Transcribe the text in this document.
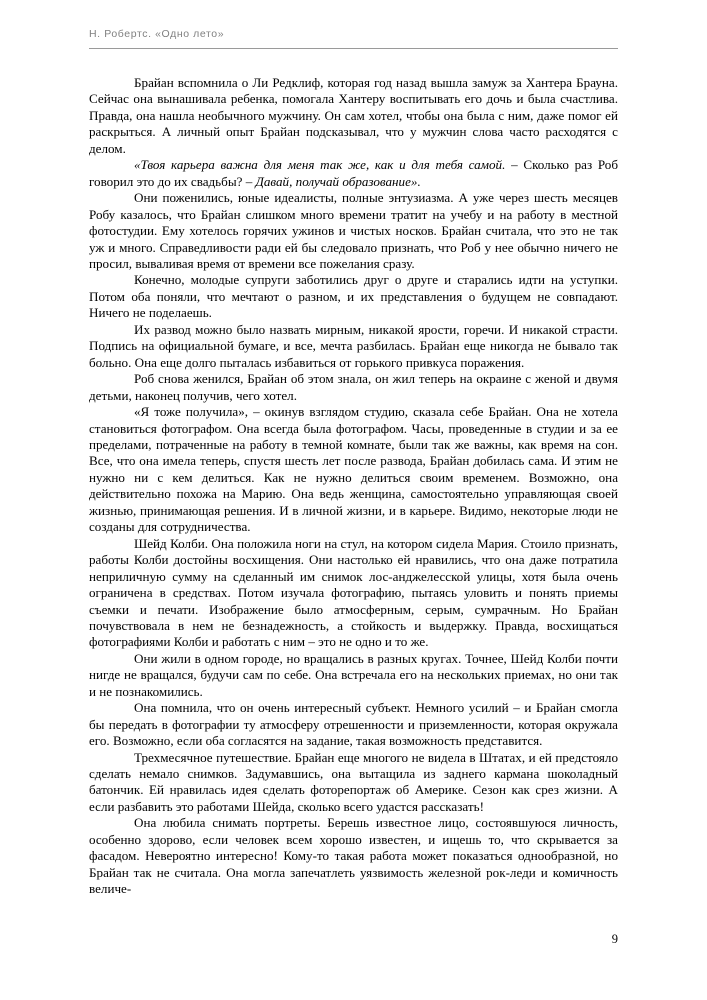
Н. Робертс. «Одно лето»

Брайан вспомнила о Ли Редклиф, которая год назад вышла замуж за Хантера Брауна. Сейчас она вынашивала ребенка, помогала Хантеру воспитывать его дочь и была счастлива. Правда, она нашла необычного мужчину. Он сам хотел, чтобы она была с ним, даже помог ей раскрыться. А личный опыт Брайан подсказывал, что у мужчин слова часто расходятся с делом.

«Твоя карьера важна для меня так же, как и для тебя самой. – Сколько раз Роб говорил это до их свадьбы? – Давай, получай образование».

Они поженились, юные идеалисты, полные энтузиазма. А уже через шесть месяцев Робу казалось, что Брайан слишком много времени тратит на учебу и на работу в местной фотостудии. Ему хотелось горячих ужинов и чистых носков. Брайан считала, что это не так уж и много. Справедливости ради ей бы следовало признать, что Роб у нее обычно ничего не просил, вываливая время от времени все пожелания сразу.

Конечно, молодые супруги заботились друг о друге и старались идти на уступки. Потом оба поняли, что мечтают о разном, и их представления о будущем не совпадают. Ничего не поделаешь.

Их развод можно было назвать мирным, никакой ярости, горечи. И никакой страсти. Подпись на официальной бумаге, и все, мечта разбилась. Брайан еще никогда не бывало так больно. Она еще долго пыталась избавиться от горького привкуса поражения.

Роб снова женился, Брайан об этом знала, он жил теперь на окраине с женой и двумя детьми, наконец получив, чего хотел.

«Я тоже получила», – окинув взглядом студию, сказала себе Брайан. Она не хотела становиться фотографом. Она всегда была фотографом. Часы, проведенные в студии и за ее пределами, потраченные на работу в темной комнате, были так же важны, как время на сон. Все, что она имела теперь, спустя шесть лет после развода, Брайан добилась сама. И этим не нужно ни с кем делиться. Как не нужно делиться своим временем. Возможно, она действительно похожа на Марию. Она ведь женщина, самостоятельно управляющая своей жизнью, принимающая решения. И в личной жизни, и в карьере. Видимо, некоторые люди не созданы для сотрудничества.

Шейд Колби. Она положила ноги на стул, на котором сидела Мария. Стоило признать, работы Колби достойны восхищения. Они настолько ей нравились, что она даже потратила неприличную сумму на сделанный им снимок лос-анджелесской улицы, хотя была очень ограничена в средствах. Потом изучала фотографию, пытаясь уловить и понять приемы съемки и печати. Изображение было атмосферным, серым, сумрачным. Но Брайан почувствовала в нем не безнадежность, а стойкость и выдержку. Правда, восхищаться фотографиями Колби и работать с ним – это не одно и то же.

Они жили в одном городе, но вращались в разных кругах. Точнее, Шейд Колби почти нигде не вращался, будучи сам по себе. Она встречала его на нескольких приемах, но они так и не познакомились.

Она помнила, что он очень интересный субъект. Немного усилий – и Брайан смогла бы передать в фотографии ту атмосферу отрешенности и приземленности, которая окружала его. Возможно, если оба согласятся на задание, такая возможность представится.

Трехмесячное путешествие. Брайан еще многого не видела в Штатах, и ей предстояло сделать немало снимков. Задумавшись, она вытащила из заднего кармана шоколадный батончик. Ей нравилась идея сделать фоторепортаж об Америке. Сезон как срез жизни. А если разбавить это работами Шейда, сколько всего удастся рассказать!

Она любила снимать портреты. Берешь известное лицо, состоявшуюся личность, особенно здорово, если человек всем хорошо известен, и ищешь то, что скрывается за фасадом. Невероятно интересно! Кому-то такая работа может показаться однообразной, но Брайан так не считала. Она могла запечатлеть уязвимость железной рок-леди и комичность величе-

9
